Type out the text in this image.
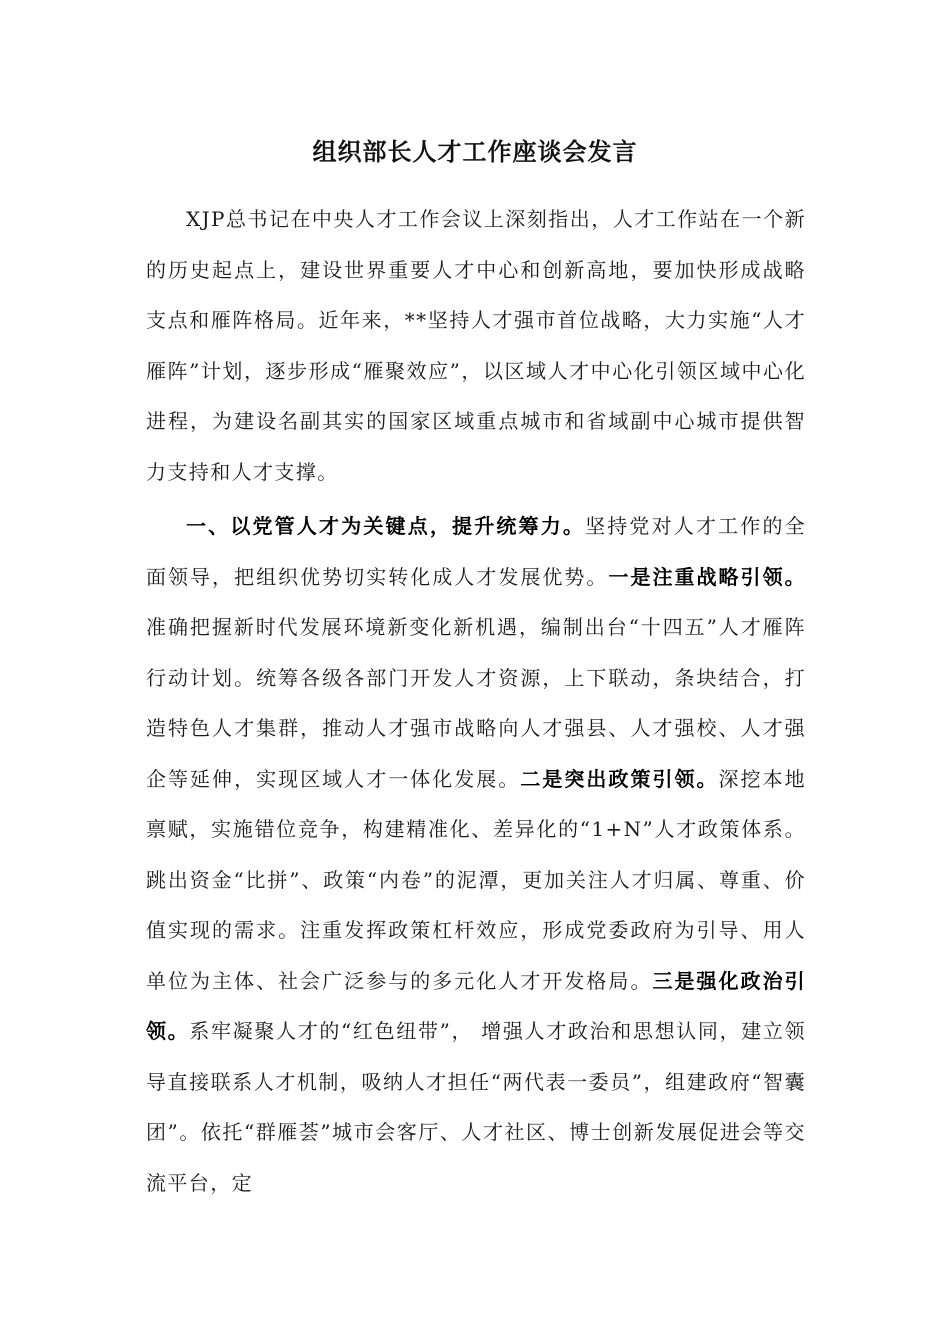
组织部长人才工作座谈会发言

XJP总书记在中央人才工作会议上深刻指出，人才工作站在一个新的历史起点上，建设世界重要人才中心和创新高地，要加快形成战略支点和雁阵格局。近年来，**坚持人才强市首位战略，大力实施“人才雁阵”计划，逐步形成“雁聚效应”，以区域人才中心化引领区域中心化进程，为建设名副其实的国家区域重点城市和省域副中心城市提供智力支持和人才支撑。

一、以党管人才为关键点，提升统筹力。坚持党对人才工作的全面领导，把组织优势切实转化成人才发展优势。一是注重战略引领。准确把握新时代发展环境新变化新机遇，编制出台“十四五”人才雁阵行动计划。统筹各级各部门开发人才资源，上下联动，条块结合，打造特色人才集群，推动人才强市战略向人才强县、人才强校、人才强企等延伸，实现区域人才一体化发展。二是突出政策引领。深挖本地禀赋，实施错位竞争，构建精准化、差异化的“1+N”人才政策体系。跳出资金“比拼”、政策“内卷”的泥潭，更加关注人才归属、尊重、价值实现的需求。注重发挥政策杠杆效应，形成党委政府为引导、用人单位为主体、社会广泛参与的多元化人才开发格局。三是强化政治引领。系牢凝聚人才的“红色纽带”， 增强人才政治和思想认同，建立领导直接联系人才机制，吸纳人才担任“两代表一委员”，组建政府“智囊团”。依托“群雁荟”城市会客厅、人才社区、博士创新发展促进会等交流平台，定
